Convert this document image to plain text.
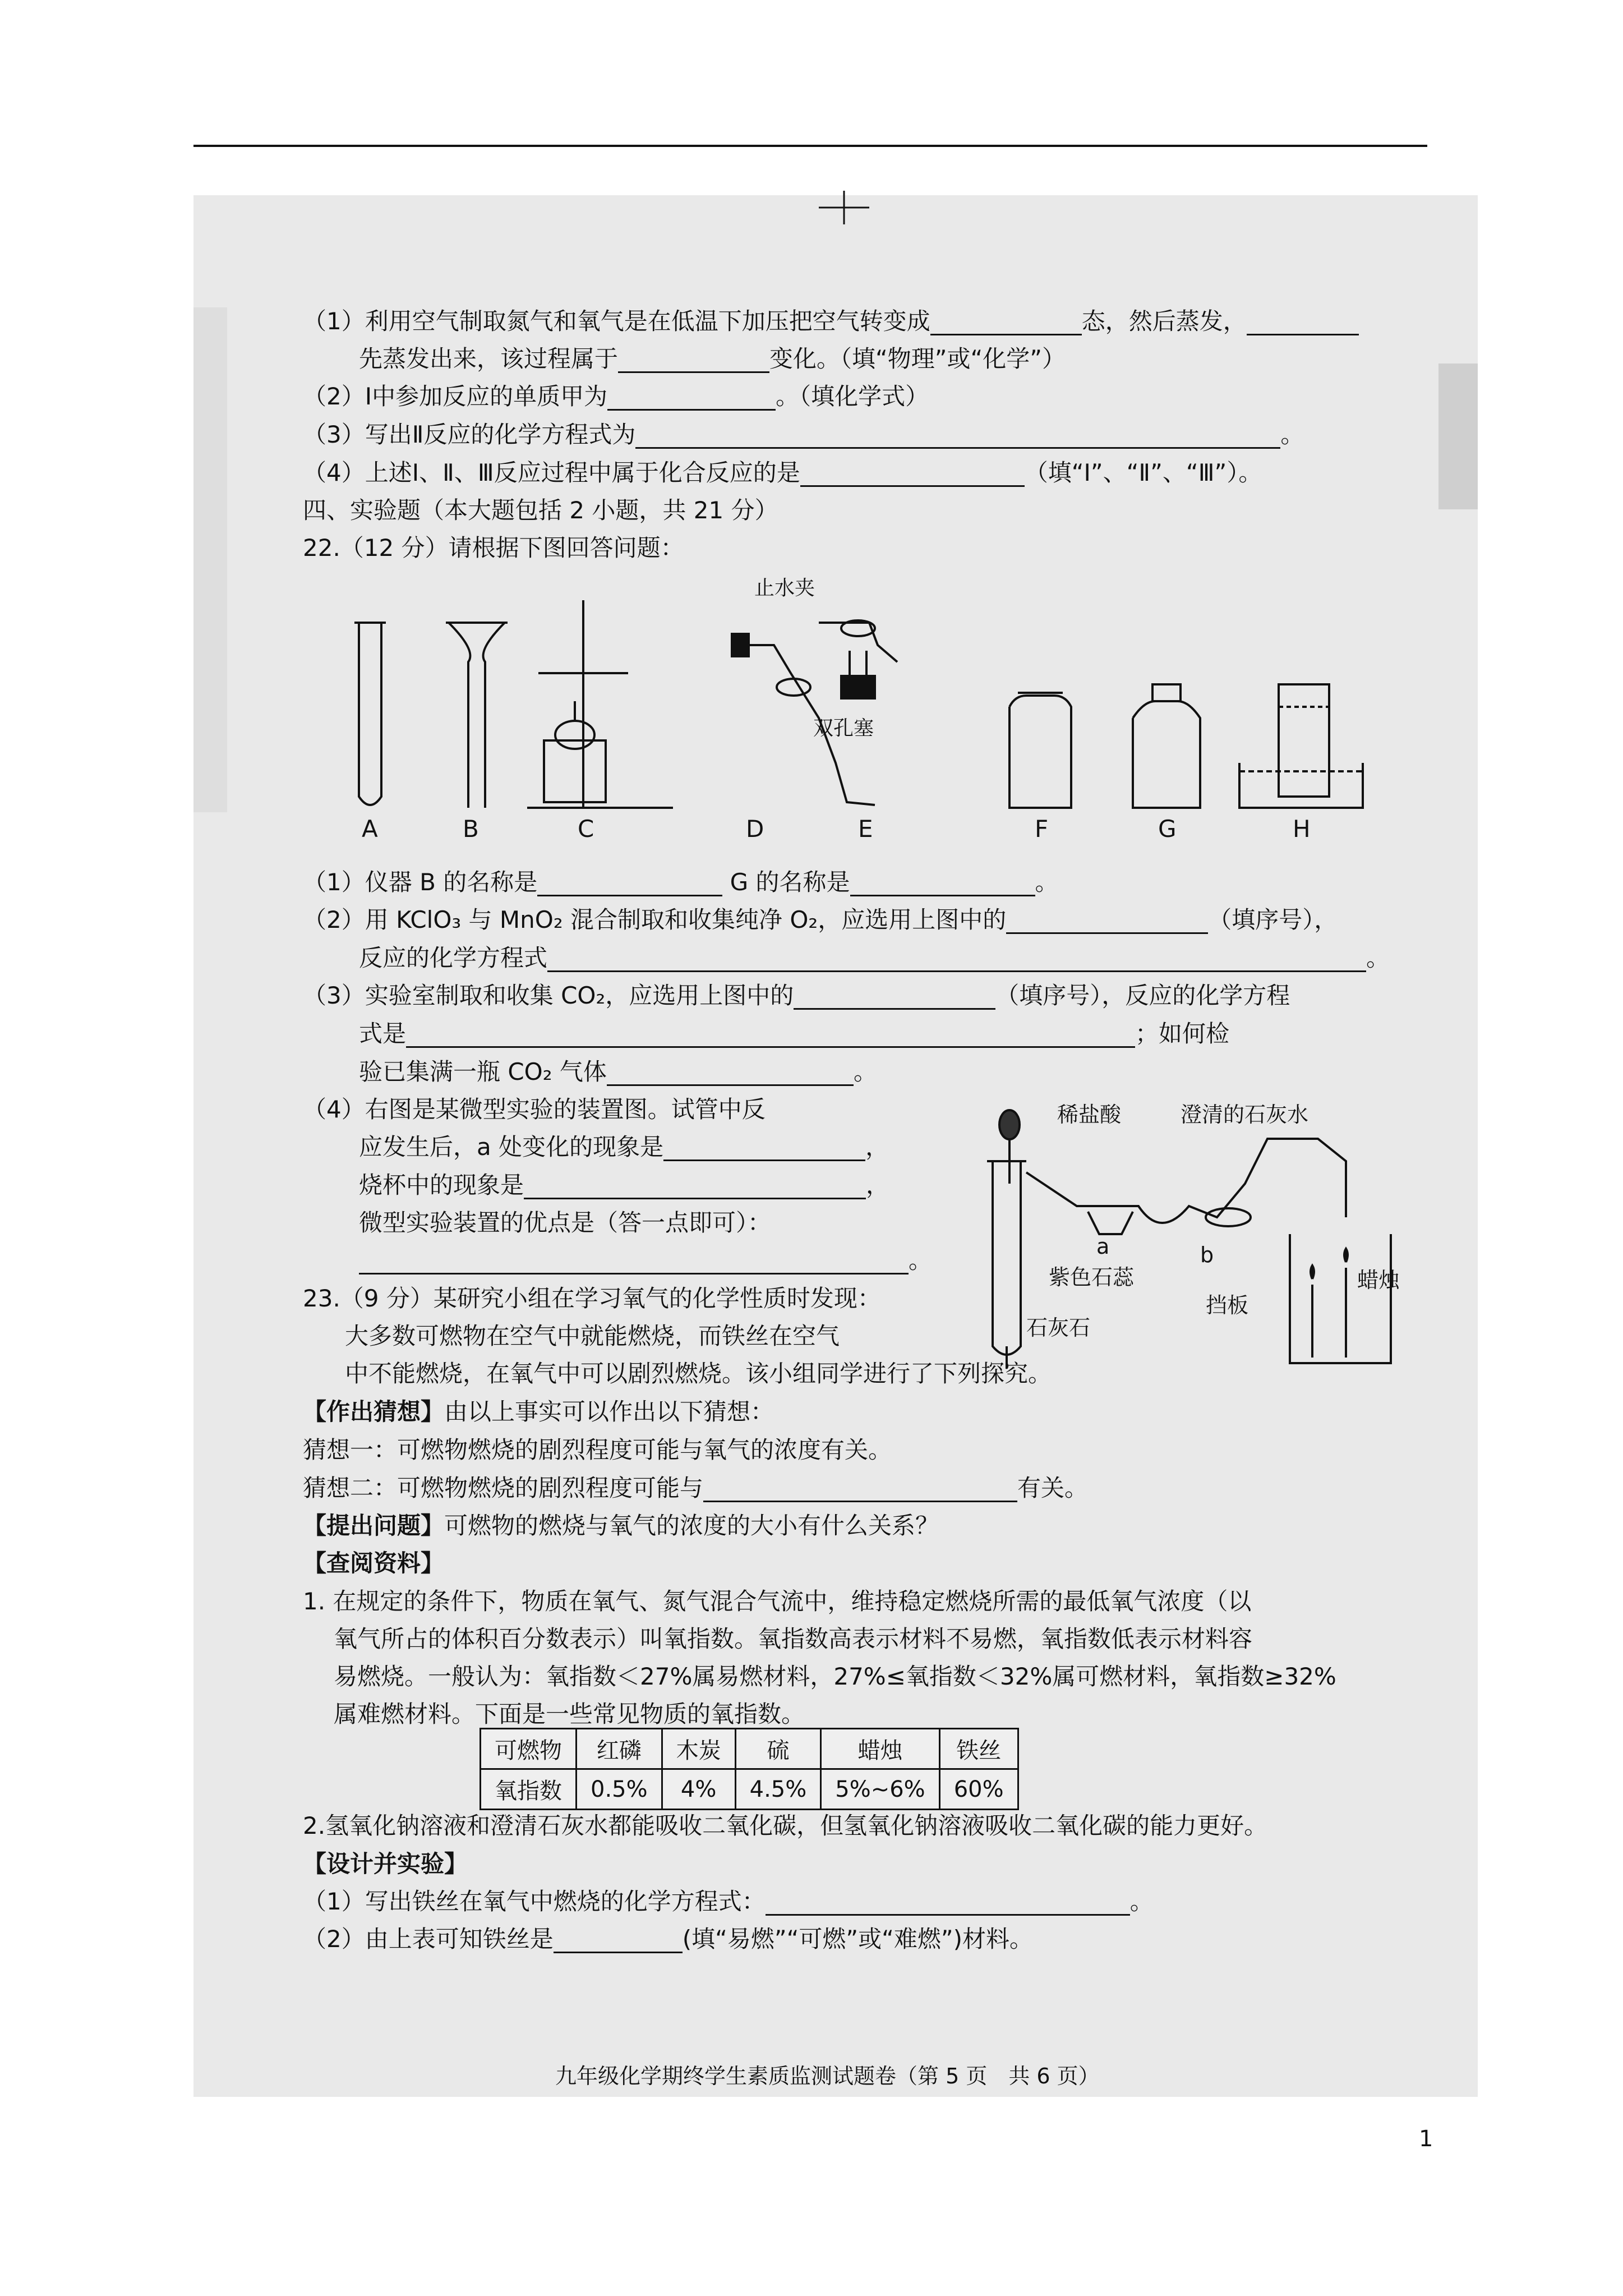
（1）利用空气制取氮气和氧气是在低温下加压把空气转变成	态，然后蒸发，
先蒸发出来，该过程属于	变化。（填“物理”或“化学”）
（2）Ⅰ中参加反应的单质甲为	。（填化学式）
（3）写出Ⅱ反应的化学方程式为	。
（4）上述Ⅰ、Ⅱ、Ⅲ反应过程中属于化合反应的是	（填“Ⅰ”、“Ⅱ”、“Ⅲ”）。
四、实验题（本大题包括 2 小题，共 21 分）
22.（12 分）请根据下图回答问题：
止水夹
双孔塞
A	B	C	D	E	F	G	H
（1）仪器 B 的名称是	G 的名称是	。
（2）用 KClO₃ 与 MnO₂ 混合制取和收集纯净 O₂，应选用上图中的	（填序号），
反应的化学方程式	。
（3）实验室制取和收集 CO₂，应选用上图中的	（填序号），反应的化学方程
式是	；如何检
验已集满一瓶 CO₂ 气体	。
（4）右图是某微型实验的装置图。试管中反
应发生后，a 处变化的现象是	，
烧杯中的现象是	，
微型实验装置的优点是（答一点即可）：
。
稀盐酸	澄清的石灰水
a	b
紫色石蕊
石灰石
挡板
蜡烛
23.（9 分）某研究小组在学习氧气的化学性质时发现：
大多数可燃物在空气中就能燃烧，而铁丝在空气
中不能燃烧，在氧气中可以剧烈燃烧。该小组同学进行了下列探究。
【作出猜想】由以上事实可以作出以下猜想：
猜想一：可燃物燃烧的剧烈程度可能与氧气的浓度有关。
猜想二：可燃物燃烧的剧烈程度可能与	有关。
【提出问题】可燃物的燃烧与氧气的浓度的大小有什么关系？
【查阅资料】
1. 在规定的条件下，物质在氧气、氮气混合气流中，维持稳定燃烧所需的最低氧气浓度（以
氧气所占的体积百分数表示）叫氧指数。氧指数高表示材料不易燃，氧指数低表示材料容
易燃烧。一般认为：氧指数＜27%属易燃材料，27%≤氧指数＜32%属可燃材料，氧指数≥32%
属难燃材料。下面是一些常见物质的氧指数。
可燃物	红磷	木炭	硫	蜡烛	铁丝
氧指数	0.5%	4%	4.5%	5%~6%	60%
2.氢氧化钠溶液和澄清石灰水都能吸收二氧化碳，但氢氧化钠溶液吸收二氧化碳的能力更好。
【设计并实验】
（1）写出铁丝在氧气中燃烧的化学方程式：	。
（2）由上表可知铁丝是	(填“易燃”“可燃”或“难燃”)材料。
九年级化学期终学生素质监测试题卷（第 5 页　共 6 页）
1
